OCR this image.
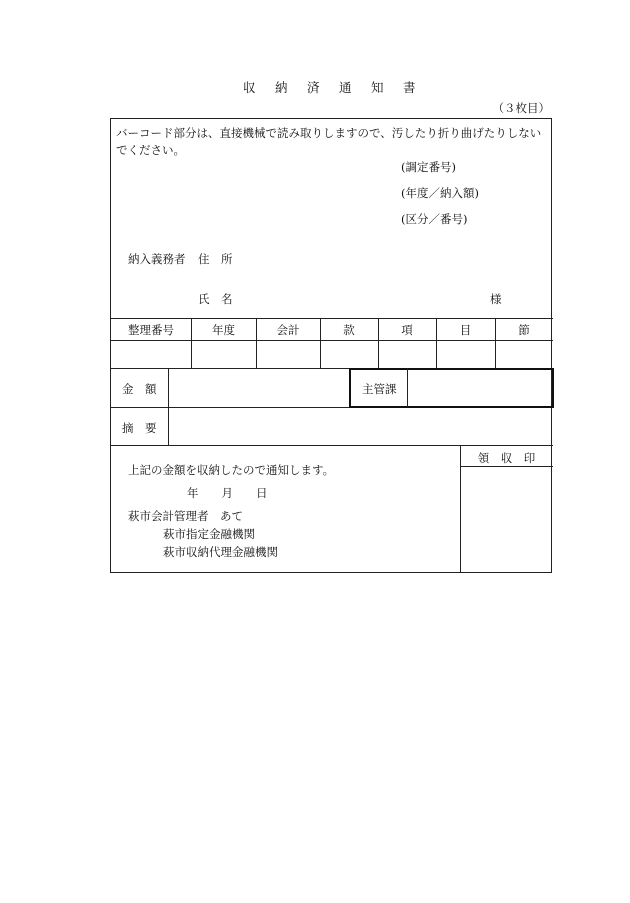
収 納 済 通 知 書
（３枚目）
バーコード部分は、直接機械で読み取りしますので、汚したり折り曲げたりしない
でください。
(調定番号)
(年度／納入額)
(区分／番号)
納入義務者 住　所
氏　名	様
整理番号	年度	会計	款	項	目	節
金　額	主管課
摘　要
領　収　印
上記の金額を収納したので通知します。
年　　月　　日
萩市会計管理者　あて
萩市指定金融機関
萩市収納代理金融機関
